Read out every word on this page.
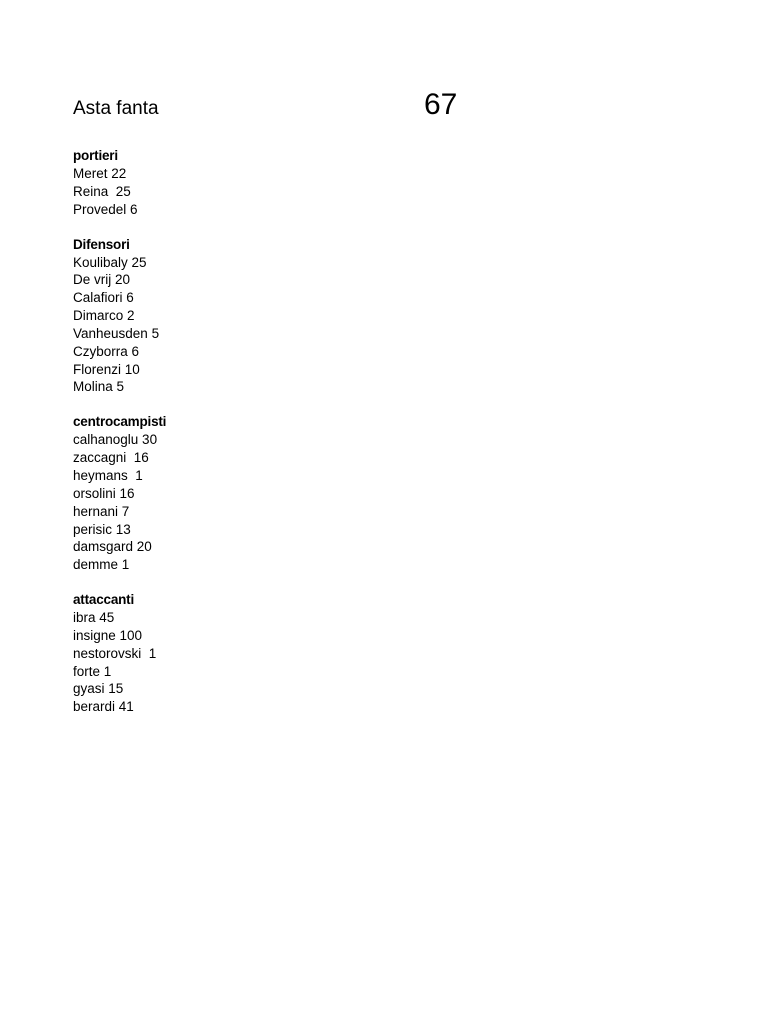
Asta fanta	67
portieri
Meret 22
Reina  25
Provedel 6
Difensori
Koulibaly 25
De vrij 20
Calafiori 6
Dimarco 2
Vanheusden 5
Czyborra 6
Florenzi 10
Molina 5
centrocampisti
calhanoglu 30
zaccagni  16
heymans  1
orsolini 16
hernani 7
perisic 13
damsgard 20
demme 1
attaccanti
ibra 45
insigne 100
nestorovski  1
forte 1
gyasi 15
berardi 41
